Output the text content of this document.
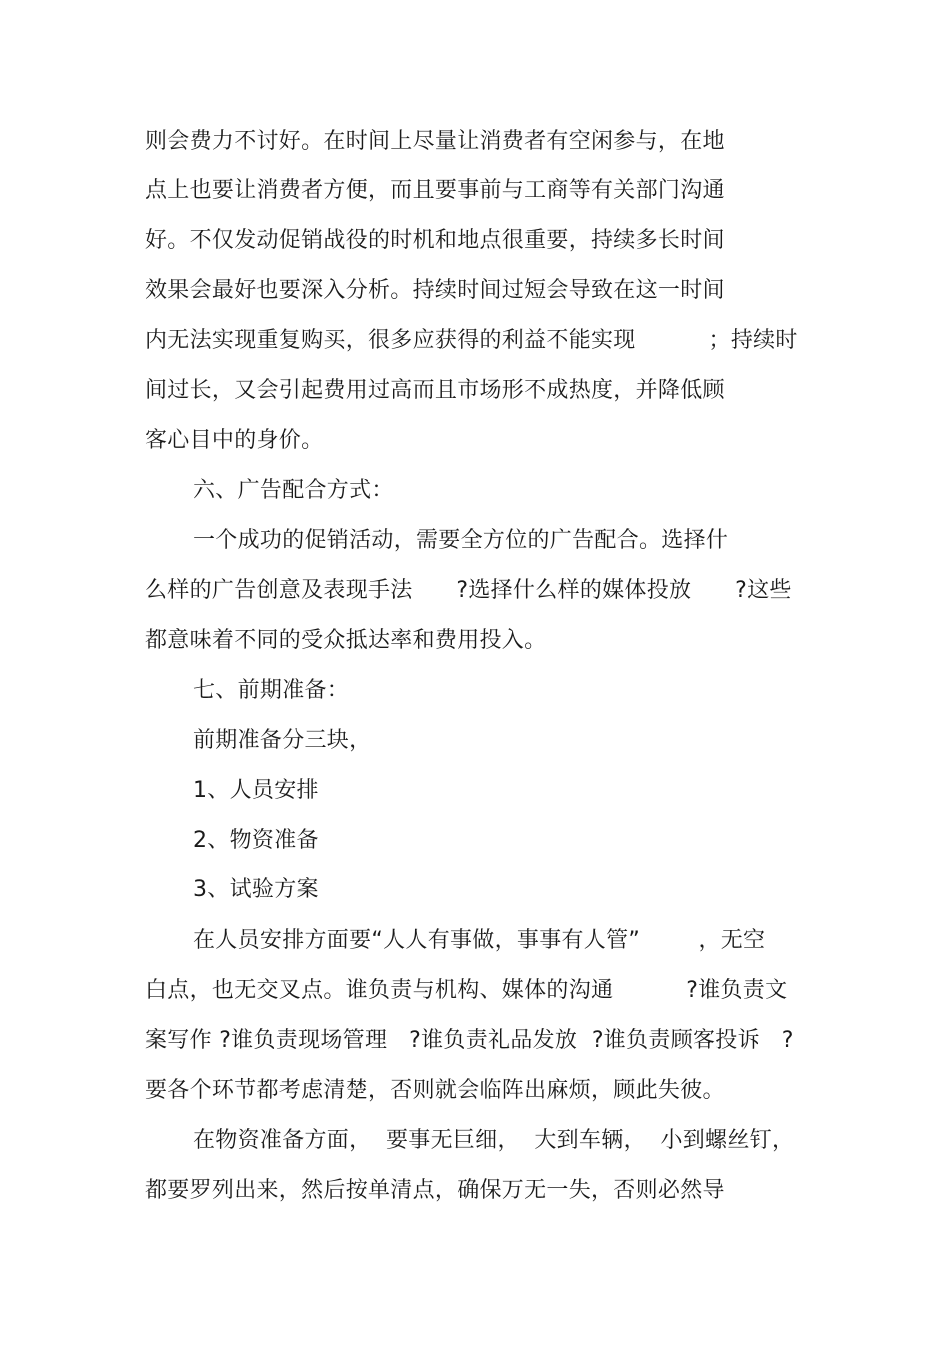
则会费力不讨好。在时间上尽量让消费者有空闲参与，在地
点上也要让消费者方便，而且要事前与工商等有关部门沟通
好。不仅发动促销战役的时机和地点很重要，持续多长时间
效果会最好也要深入分析。持续时间过短会导致在这一时间
内无法实现重复购买，很多应获得的利益不能实现          ；持续时
间过长，又会引起费用过高而且市场形不成热度，并降低顾
客心目中的身价。
六、广告配合方式：
一个成功的促销活动，需要全方位的广告配合。选择什
么样的广告创意及表现手法      ?选择什么样的媒体投放      ?这些
都意味着不同的受众抵达率和费用投入。
七、前期准备：
前期准备分三块，
1、人员安排
2、物资准备
3、试验方案
在人员安排方面要“人人有事做，事事有人管”        ，无空
白点，也无交叉点。谁负责与机构、媒体的沟通          ?谁负责文
案写作 ?谁负责现场管理   ?谁负责礼品发放  ?谁负责顾客投诉   ?
要各个环节都考虑清楚，否则就会临阵出麻烦，顾此失彼。
在物资准备方面，  要事无巨细，  大到车辆，  小到螺丝钉，
都要罗列出来，然后按单清点，确保万无一失，否则必然导
